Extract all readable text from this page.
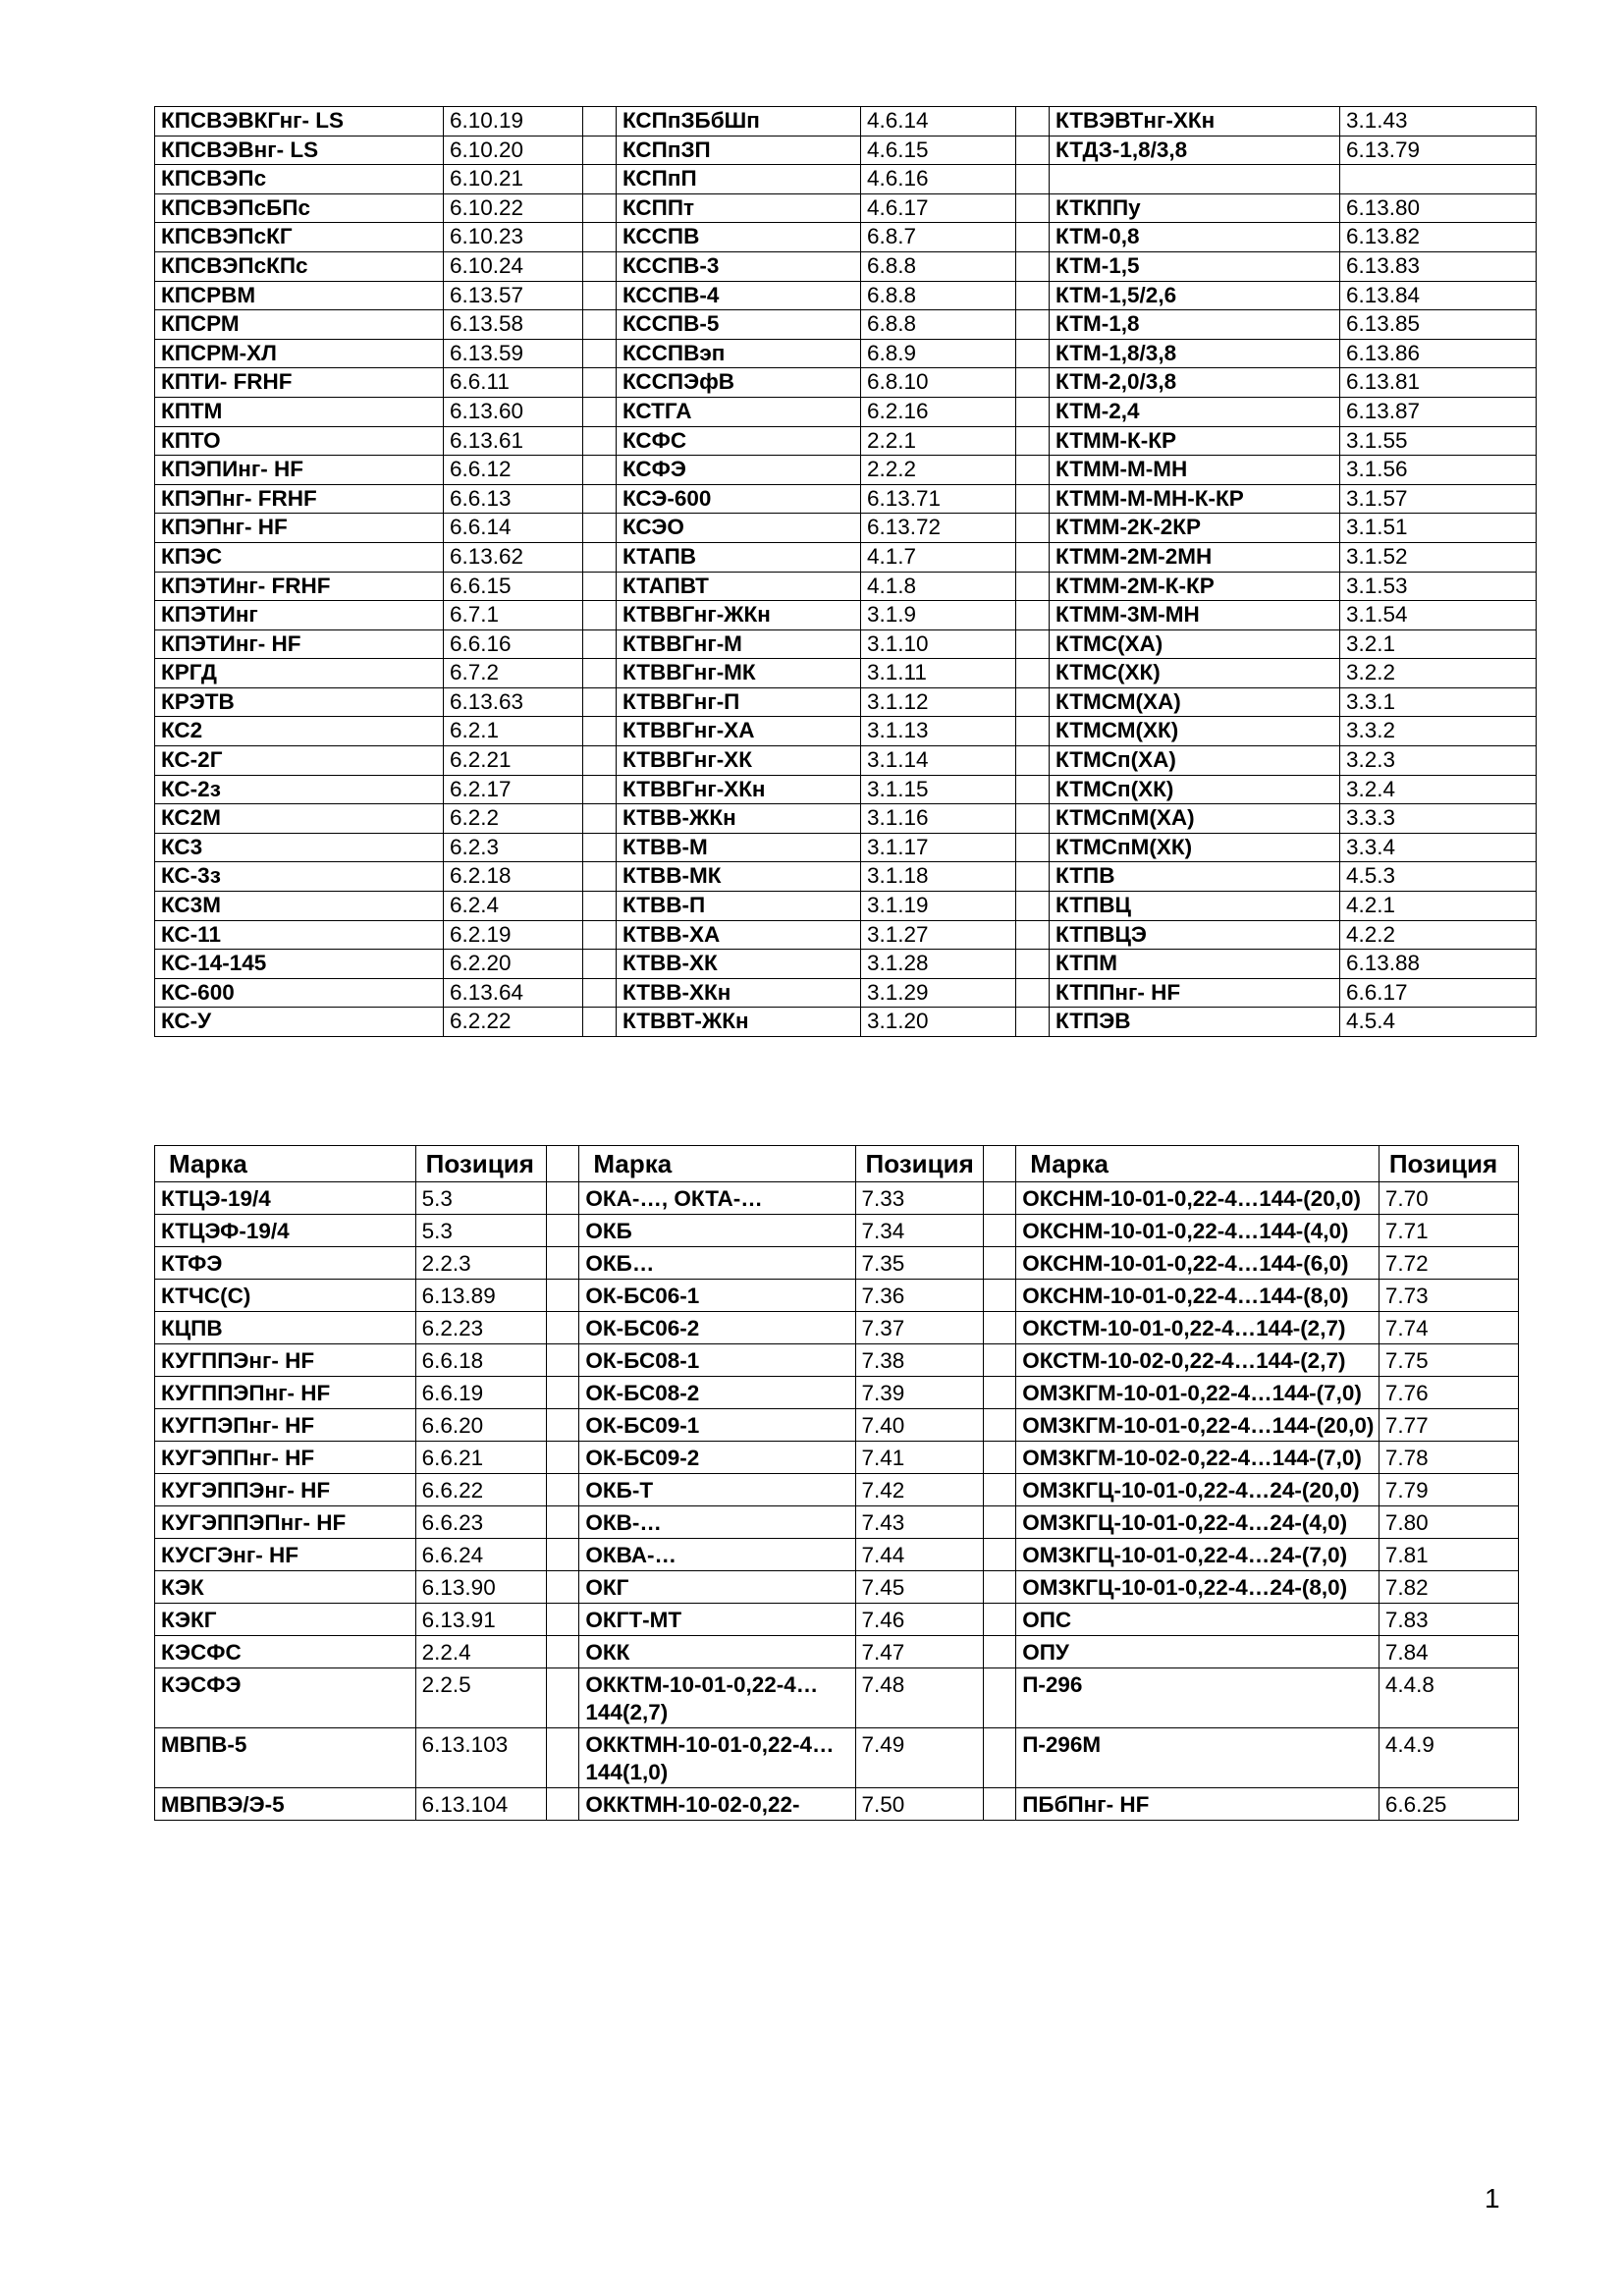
КПСВЭВКГнг- LS	6.10.19		КСПпЗБбШп	4.6.14		КТВЭВТнг-ХКн	3.1.43
КПСВЭВнг- LS	6.10.20		КСПпЗП	4.6.15		КТДЗ-1,8/3,8	6.13.79
КПСВЭПс	6.10.21		КСПпП	4.6.16			
КПСВЭПсБПс	6.10.22		КСППт	4.6.17		КТКППу	6.13.80
КПСВЭПсКГ	6.10.23		КССПВ	6.8.7		КТМ-0,8	6.13.82
КПСВЭПсКПс	6.10.24		КССПВ-3	6.8.8		КТМ-1,5	6.13.83
КПСРВМ	6.13.57		КССПВ-4	6.8.8		КТМ-1,5/2,6	6.13.84
КПСРМ	6.13.58		КССПВ-5	6.8.8		КТМ-1,8	6.13.85
КПСРМ-ХЛ	6.13.59		КССПВэп	6.8.9		КТМ-1,8/3,8	6.13.86
КПТИ- FRHF	6.6.11		КССПЭфВ	6.8.10		КТМ-2,0/3,8	6.13.81
КПТМ	6.13.60		КСТГА	6.2.16		КТМ-2,4	6.13.87
КПТО	6.13.61		КСФС	2.2.1		КТММ-К-КР	3.1.55
КПЭПИнг- HF	6.6.12		КСФЭ	2.2.2		КТММ-М-МН	3.1.56
КПЭПнг- FRHF	6.6.13		КСЭ-600	6.13.71		КТММ-М-МН-К-КР	3.1.57
КПЭПнг- HF	6.6.14		КСЭО	6.13.72		КТММ-2К-2КР	3.1.51
КПЭС	6.13.62		КТАПВ	4.1.7		КТММ-2М-2МН	3.1.52
КПЭТИнг- FRHF	6.6.15		КТАПВТ	4.1.8		КТММ-2М-К-КР	3.1.53
КПЭТИнг	6.7.1		КТВВГнг-ЖКн	3.1.9		КТММ-3М-МН	3.1.54
КПЭТИнг- HF	6.6.16		КТВВГнг-М	3.1.10		КТМС(ХА)	3.2.1
КРГД	6.7.2		КТВВГнг-МК	3.1.11		КТМС(ХК)	3.2.2
КРЭТВ	6.13.63		КТВВГнг-П	3.1.12		КТМСМ(ХА)	3.3.1
КС2	6.2.1		КТВВГнг-ХА	3.1.13		КТМСМ(ХК)	3.3.2
КС-2Г	6.2.21		КТВВГнг-ХК	3.1.14		КТМСп(ХА)	3.2.3
КС-2з	6.2.17		КТВВГнг-ХКн	3.1.15		КТМСп(ХК)	3.2.4
КС2М	6.2.2		КТВВ-ЖКн	3.1.16		КТМСпМ(ХА)	3.3.3
КС3	6.2.3		КТВВ-М	3.1.17		КТМСпМ(ХК)	3.3.4
КС-3з	6.2.18		КТВВ-МК	3.1.18		КТПВ	4.5.3
КС3М	6.2.4		КТВВ-П	3.1.19		КТПВЦ	4.2.1
КС-11	6.2.19		КТВВ-ХА	3.1.27		КТПВЦЭ	4.2.2
КС-14-145	6.2.20		КТВВ-ХК	3.1.28		КТПМ	6.13.88
КС-600	6.13.64		КТВВ-ХКн	3.1.29		КТППнг- HF	6.6.17
КС-У	6.2.22		КТВВТ-ЖКн	3.1.20		КТПЭВ	4.5.4
Марка	Позиция		Марка	Позиция		Марка	Позиция
КТЦЭ-19/4	5.3		ОКА-…, ОКТА-…	7.33		ОКСНМ-10-01-0,22-4…144-(20,0)	7.70
КТЦЭФ-19/4	5.3		ОКБ	7.34		ОКСНМ-10-01-0,22-4…144-(4,0)	7.71
КТФЭ	2.2.3		ОКБ…	7.35		ОКСНМ-10-01-0,22-4…144-(6,0)	7.72
КТЧС(С)	6.13.89		ОК-БС06-1	7.36		ОКСНМ-10-01-0,22-4…144-(8,0)	7.73
КЦПВ	6.2.23		ОК-БС06-2	7.37		ОКСТМ-10-01-0,22-4…144-(2,7)	7.74
КУГППЭнг- HF	6.6.18		ОК-БС08-1	7.38		ОКСТМ-10-02-0,22-4…144-(2,7)	7.75
КУГППЭПнг- HF	6.6.19		ОК-БС08-2	7.39		ОМЗКГМ-10-01-0,22-4…144-(7,0)	7.76
КУГПЭПнг- HF	6.6.20		ОК-БС09-1	7.40		ОМЗКГМ-10-01-0,22-4…144-(20,0)	7.77
КУГЭППнг- HF	6.6.21		ОК-БС09-2	7.41		ОМЗКГМ-10-02-0,22-4…144-(7,0)	7.78
КУГЭППЭнг- HF	6.6.22		ОКБ-Т	7.42		ОМЗКГЦ-10-01-0,22-4…24-(20,0)	7.79
КУГЭППЭПнг- HF	6.6.23		ОКВ-…	7.43		ОМЗКГЦ-10-01-0,22-4…24-(4,0)	7.80
КУСГЭнг- HF	6.6.24		ОКВА-…	7.44		ОМЗКГЦ-10-01-0,22-4…24-(7,0)	7.81
КЭК	6.13.90		ОКГ	7.45		ОМЗКГЦ-10-01-0,22-4…24-(8,0)	7.82
КЭКГ	6.13.91		ОКГТ-МТ	7.46		ОПС	7.83
КЭСФС	2.2.4		ОКК	7.47		ОПУ	7.84
КЭСФЭ	2.2.5		ОККТМ-10-01-0,22-4…144(2,7)	7.48		П-296	4.4.8
МВПВ-5	6.13.103		ОККТМН-10-01-0,22-4…144(1,0)	7.49		П-296М	4.4.9
МВПВЭ/Э-5	6.13.104		ОККТМН-10-02-0,22-	7.50		ПБбПнг- HF	6.6.25
1
